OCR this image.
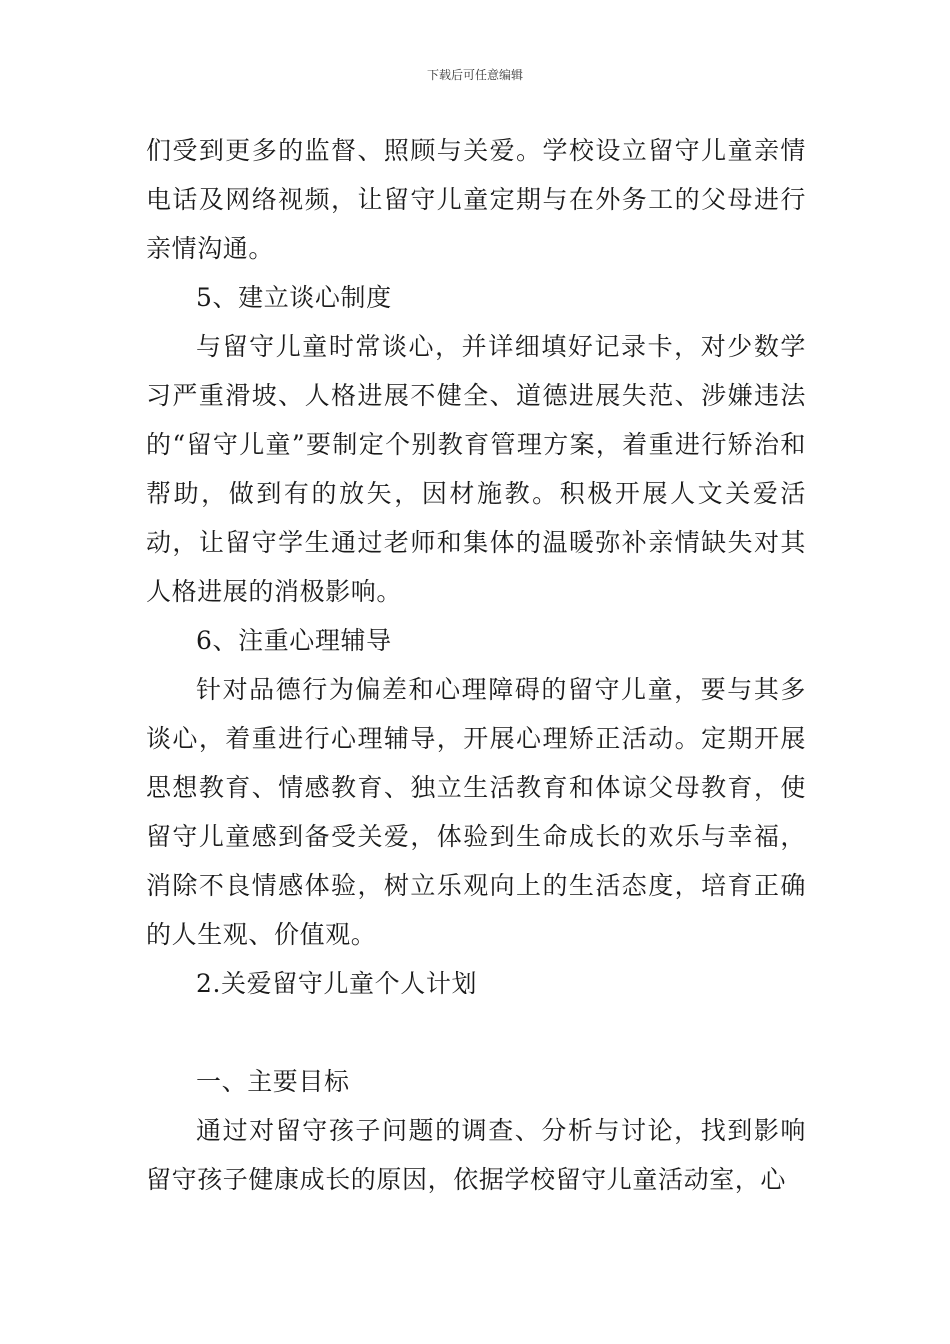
下载后可任意编辑

们受到更多的监督、照顾与关爱。学校设立留守儿童亲情电话及网络视频，让留守儿童定期与在外务工的父母进行亲情沟通。

5、建立谈心制度

与留守儿童时常谈心，并详细填好记录卡，对少数学习严重滑坡、人格进展不健全、道德进展失范、涉嫌违法的“留守儿童”要制定个别教育管理方案，着重进行矫治和帮助，做到有的放矢，因材施教。积极开展人文关爱活动，让留守学生通过老师和集体的温暖弥补亲情缺失对其人格进展的消极影响。

6、注重心理辅导

针对品德行为偏差和心理障碍的留守儿童，要与其多谈心，着重进行心理辅导，开展心理矫正活动。定期开展思想教育、情感教育、独立生活教育和体谅父母教育，使留守儿童感到备受关爱，体验到生命成长的欢乐与幸福，消除不良情感体验，树立乐观向上的生活态度，培育正确的人生观、价值观。

2.关爱留守儿童个人计划

一、主要目标

通过对留守孩子问题的调查、分析与讨论，找到影响留守孩子健康成长的原因，依据学校留守儿童活动室，心
